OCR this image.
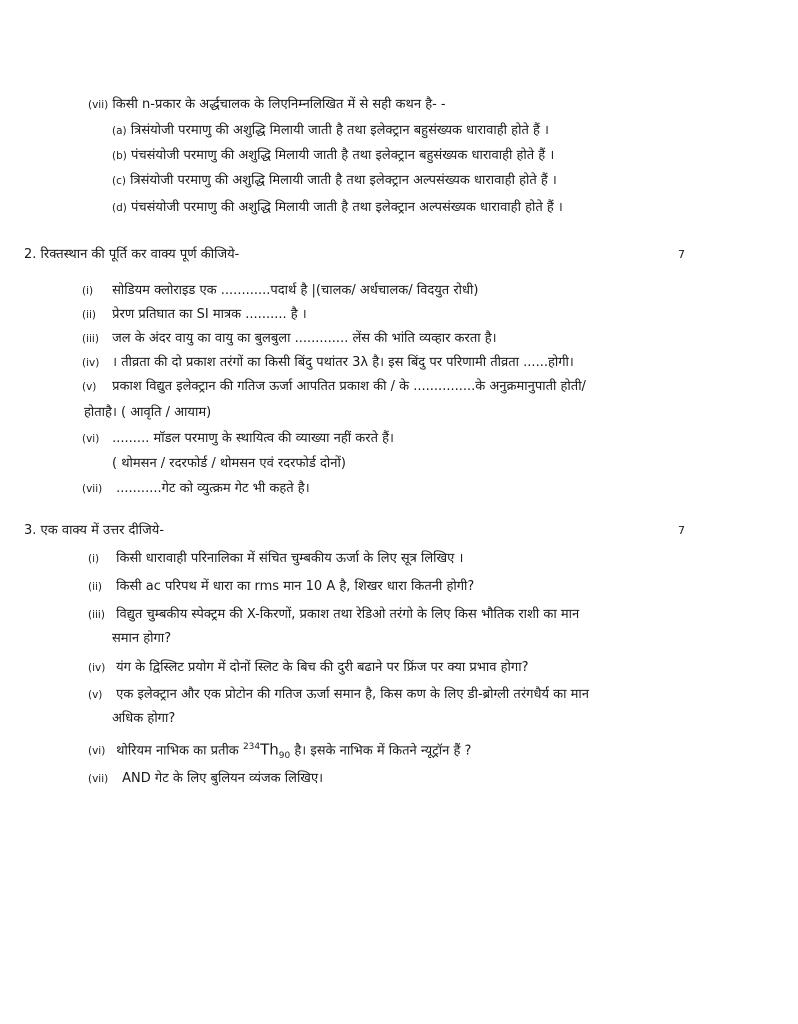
(vii) किसी n-प्रकार के अर्द्धचालक के लिएनिम्नलिखित में से सही कथन है- -
(a) त्रिसंयोजी परमाणु की अशुद्धि मिलायी जाती है तथा इलेक्ट्रान बहुसंख्यक धारावाही होते हैं ।
(b) पंचसंयोजी परमाणु की अशुद्धि मिलायी जाती है तथा इलेक्ट्रान बहुसंख्यक धारावाही होते हैं ।
(c) त्रिसंयोजी परमाणु की अशुद्धि मिलायी जाती है तथा इलेक्ट्रान अल्पसंख्यक धारावाही होते हैं ।
(d) पंचसंयोजी परमाणु की अशुद्धि मिलायी जाती है तथा इलेक्ट्रान अल्पसंख्यक धारावाही होते हैं ।
2. रिक्तस्थान की पूर्ति कर वाक्य पूर्ण कीजिये-	7
(i) सोडियम क्लोराइड एक ............पदार्थ है |(चालक/ अर्धचालक/ विदयुत रोधी)
(ii) प्रेरण प्रतिघात का SI मात्रक .......... है ।
(iii) जल के अंदर वायु का वायु का बुलबुला ............. लेंस की भांति व्यव्हार करता है।
(iv) । तीव्रता की दो प्रकाश तरंगों का किसी बिंदु पथांतर 3λ है। इस बिंदु पर परिणामी तीव्रता ......होगी।
(v) प्रकाश विद्युत इलेक्ट्रान की गतिज ऊर्जा आपतित प्रकाश की / के ...............के अनुक्रमानुपाती होती/
होताहै। ( आवृति / आयाम)
(vi) ......... मॉडल परमाणु के स्थायित्व की व्याख्या नहीं करते हैं।
( थोमसन / रदरफोर्ड / थोमसन एवं रदरफोर्ड दोनों)
(vii) ...........गेट को व्युत्क्रम गेट भी कहते है।
3. एक वाक्य में उत्तर दीजिये-	7
(i) किसी धारावाही परिनालिका में संचित चुम्बकीय ऊर्जा के लिए सूत्र लिखिए ।
(ii) किसी ac परिपथ में धारा का rms मान 10 A है, शिखर धारा कितनी होगी?
(iii) विद्युत चुम्बकीय स्पेक्ट्रम की X-किरणों, प्रकाश तथा रेडिओ तरंगो के लिए किस भौतिक राशी का मान
समान होगा?
(iv) यंग के द्विस्लिट प्रयोग में दोनों स्लिट के बिच की दुरी बढाने पर फ्रिंज पर क्या प्रभाव होगा?
(v) एक इलेक्ट्रान और एक प्रोटोन की गतिज ऊर्जा समान है, किस कण के लिए डी-ब्रोग्ली तरंगधैर्य का मान
अधिक होगा?
(vi) थोरियम नाभिक का प्रतीक $^{234}Th_{90}$ है। इसके नाभिक में कितने न्यूट्रॉन हैं ?
(vii) AND गेट के लिए बुलियन व्यंजक लिखिए।
